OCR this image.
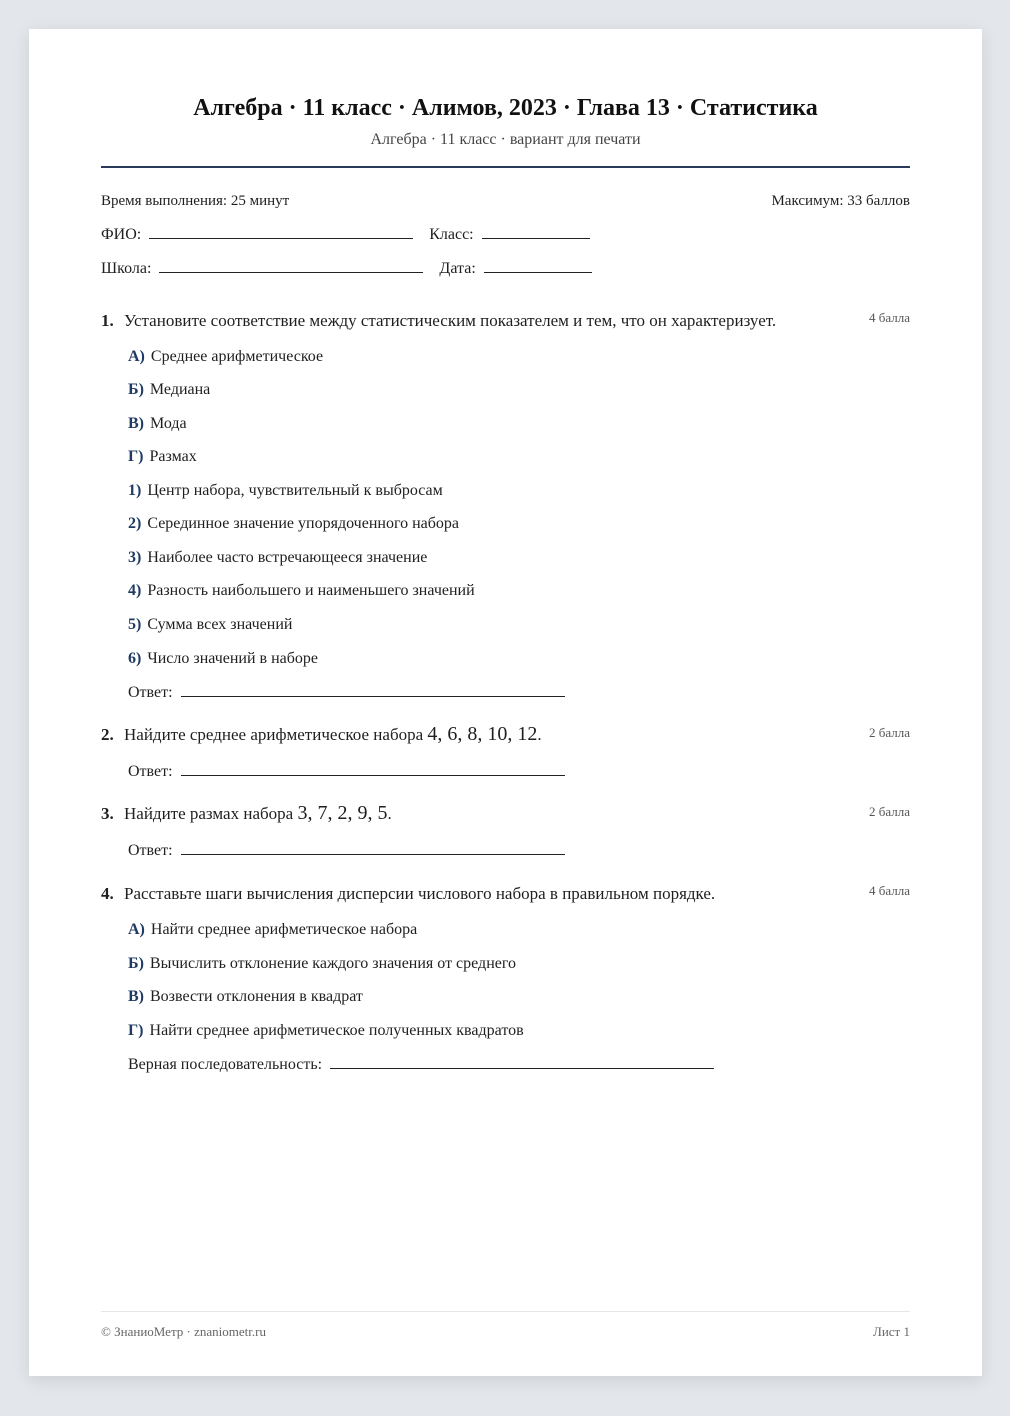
Алгебра · 11 класс · Алимов, 2023 · Глава 13 · Статистика
Алгебра · 11 класс · вариант для печати
Время выполнения: 25 минут	Максимум: 33 баллов
ФИО:	Класс:
Школа:	Дата:
1. Установите соответствие между статистическим показателем и тем, что он характеризует.	4 балла
А) Среднее арифметическое
Б) Медиана
В) Мода
Г) Размах
1) Центр набора, чувствительный к выбросам
2) Серединное значение упорядоченного набора
3) Наиболее часто встречающееся значение
4) Разность наибольшего и наименьшего значений
5) Сумма всех значений
6) Число значений в наборе
Ответ:
2. Найдите среднее арифметическое набора 4, 6, 8, 10, 12.	2 балла
Ответ:
3. Найдите размах набора 3, 7, 2, 9, 5.	2 балла
Ответ:
4. Расставьте шаги вычисления дисперсии числового набора в правильном порядке.	4 балла
А) Найти среднее арифметическое набора
Б) Вычислить отклонение каждого значения от среднего
В) Возвести отклонения в квадрат
Г) Найти среднее арифметическое полученных квадратов
Верная последовательность:
© ЗнаниоМетр · znaniometr.ru	Лист 1
